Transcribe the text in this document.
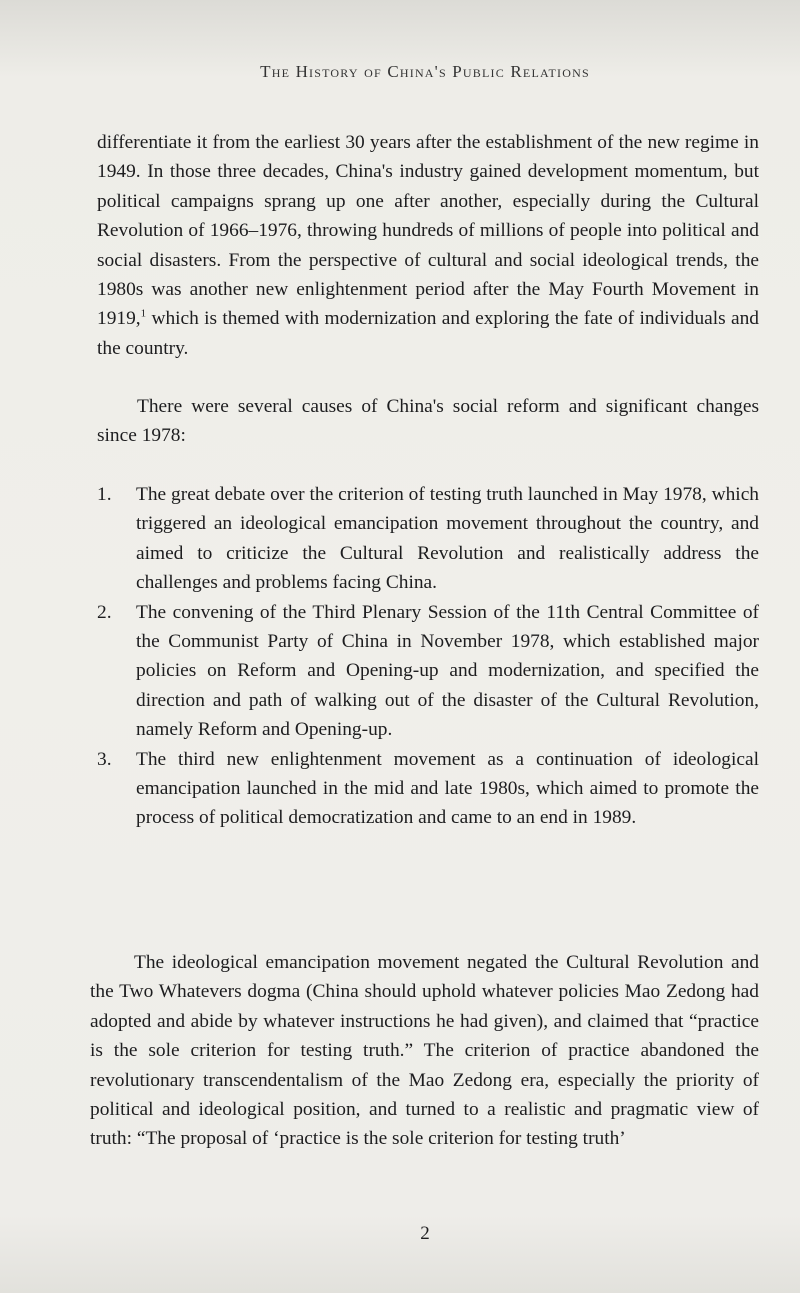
The History of China's Public Relations
differentiate it from the earliest 30 years after the establishment of the new regime in 1949. In those three decades, China's industry gained development momentum, but political campaigns sprang up one after another, especially during the Cultural Revolution of 1966–1976, throwing hundreds of millions of people into political and social disasters. From the perspective of cultural and social ideological trends, the 1980s was another new enlightenment period after the May Fourth Movement in 1919,$^1$ which is themed with modernization and exploring the fate of individuals and the country.
There were several causes of China's social reform and significant changes since 1978:
1. The great debate over the criterion of testing truth launched in May 1978, which triggered an ideological emancipation movement throughout the country, and aimed to criticize the Cultural Revolution and realistically address the challenges and problems facing China.
2. The convening of the Third Plenary Session of the 11th Central Committee of the Communist Party of China in November 1978, which established major policies on Reform and Opening-up and modernization, and specified the direction and path of walking out of the disaster of the Cultural Revolution, namely Reform and Opening-up.
3. The third new enlightenment movement as a continuation of ideological emancipation launched in the mid and late 1980s, which aimed to promote the process of political democratization and came to an end in 1989.
The ideological emancipation movement negated the Cultural Revolution and the Two Whatevers dogma (China should uphold whatever policies Mao Zedong had adopted and abide by whatever instructions he had given), and claimed that “practice is the sole criterion for testing truth.” The criterion of practice abandoned the revolutionary transcendentalism of the Mao Zedong era, especially the priority of political and ideological position, and turned to a realistic and pragmatic view of truth: “The proposal of ‘practice is the sole criterion for testing truth’
2
